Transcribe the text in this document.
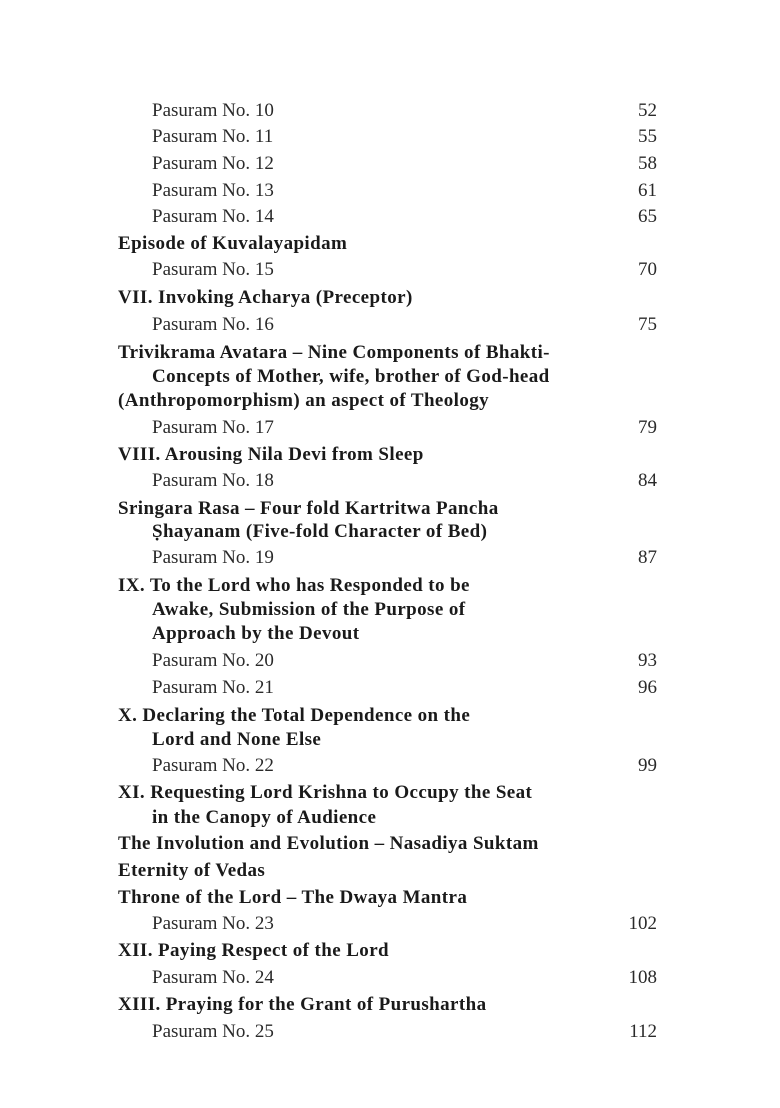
Pasuram No. 10	52
Pasuram No. 11	55
Pasuram No. 12	58
Pasuram No. 13	61
Pasuram No. 14	65
Episode of Kuvalayapidam
Pasuram No. 15	70
VII. Invoking Acharya (Preceptor)
Pasuram No. 16	75
Trivikrama Avatara – Nine Components of Bhakti-
Concepts of Mother, wife, brother of God-head
(Anthropomorphism) an aspect of Theology
Pasuram No. 17	79
VIII. Arousing Nila Devi from Sleep
Pasuram No. 18	84
Sringara Rasa – Four fold Kartritwa Pancha
Ṣhayanam (Five-fold Character of Bed)
Pasuram No. 19	87
IX. To the Lord who has Responded to be
Awake, Submission of the Purpose of
Approach by the Devout
Pasuram No. 20	93
Pasuram No. 21	96
X. Declaring the Total Dependence on the
Lord and None Else
Pasuram No. 22	99
XI. Requesting Lord Krishna to Occupy the Seat
in the Canopy of Audience
The Involution and Evolution – Nasadiya Suktam
Eternity of Vedas
Throne of the Lord – The Dwaya Mantra
Pasuram No. 23	102
XII. Paying Respect of the Lord
Pasuram No. 24	108
XIII. Praying for the Grant of Purushartha
Pasuram No. 25	112
